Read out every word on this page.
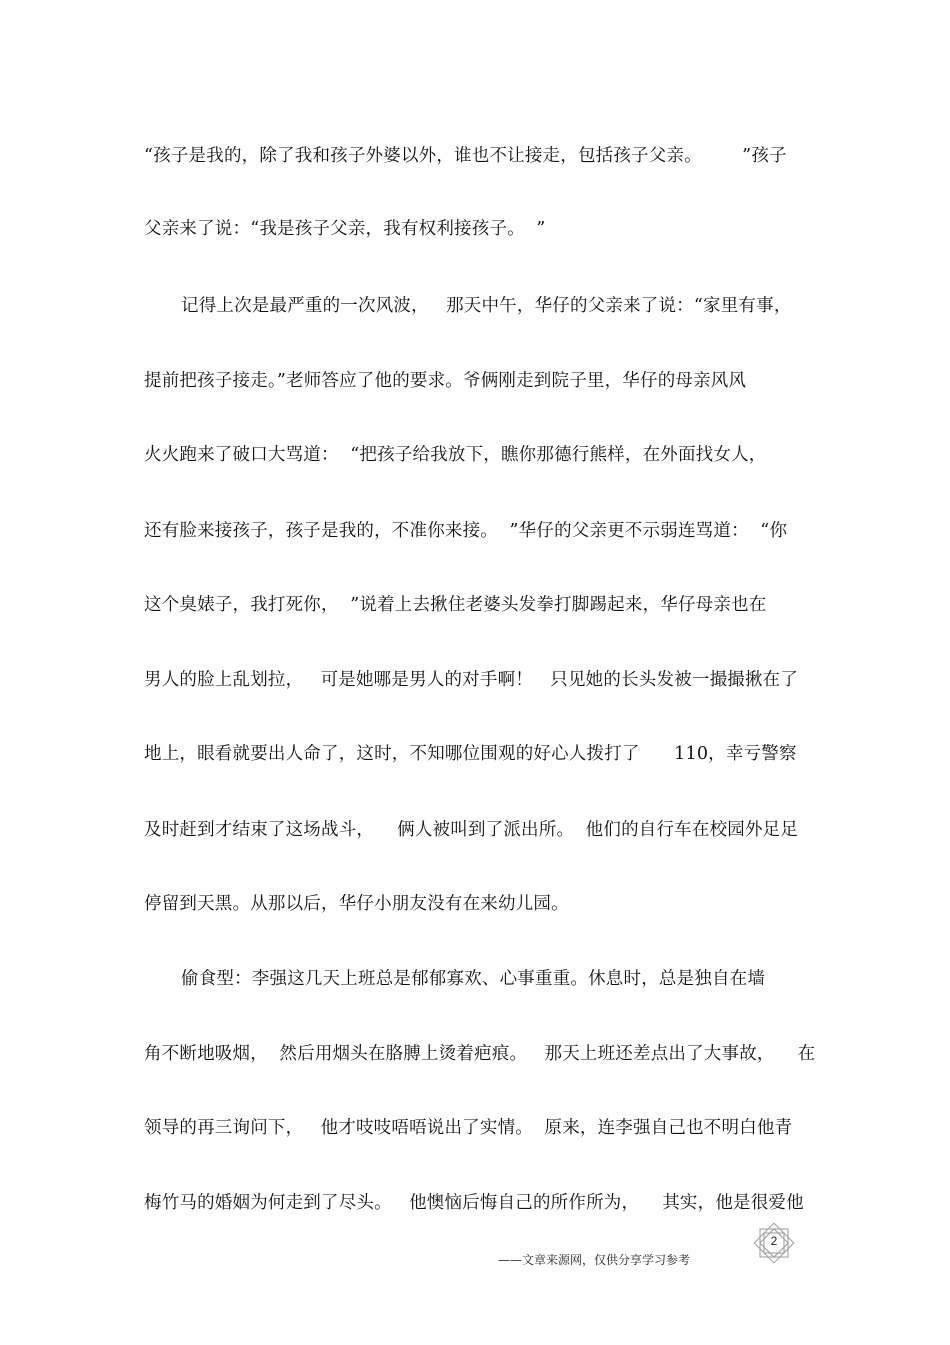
“孩子是我的，除了我和孩子外婆以外，谁也不让接走，包括孩子父亲。       ”孩子
父亲来了说：“我是孩子父亲，我有权利接孩子。  ”
记得上次是最严重的一次风波，   那天中午，华仔的父亲来了说：“家里有事，
提前把孩子接走。”老师答应了他的要求。爷俩刚走到院子里，华仔的母亲风风
火火跑来了破口大骂道：  “把孩子给我放下，瞧你那德行熊样，在外面找女人，
还有脸来接孩子，孩子是我的，不准你来接。  ”华仔的父亲更不示弱连骂道：  “你
这个臭婊子，我打死你，  ”说着上去揪住老婆头发拳打脚踢起来，华仔母亲也在
男人的脸上乱划拉，   可是她哪是男人的对手啊！   只见她的长头发被一撮撮揪在了
地上，眼看就要出人命了，这时，不知哪位围观的好心人拨打了      110，幸亏警察
及时赶到才结束了这场战斗，    俩人被叫到了派出所。  他们的自行车在校园外足足
停留到天黑。从那以后，华仔小朋友没有在来幼儿园。
偷食型：李强这几天上班总是郁郁寡欢、心事重重。休息时，总是独自在墙
角不断地吸烟，  然后用烟头在胳膊上烫着疤痕。   那天上班还差点出了大事故，    在
领导的再三询问下，   他才吱吱唔唔说出了实情。  原来，连李强自己也不明白他青
梅竹马的婚姻为何走到了尽头。   他懊恼后悔自己的所作所为，    其实，他是很爱他
2
——文章来源网，仅供分享学习参考
